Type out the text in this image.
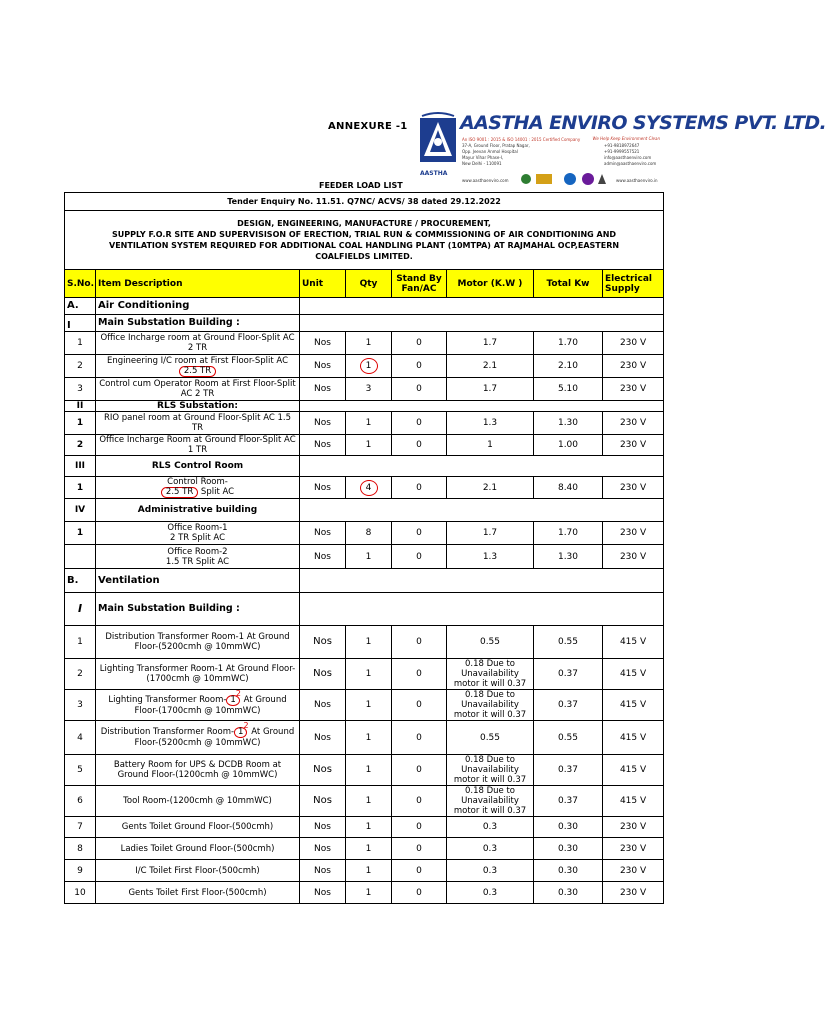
ANNEXURE -1
AASTHA
AASTHA ENVIRO SYSTEMS PVT. LTD.
An ISO 9001 : 2015 & ISO 14001 : 2015 Certified Company	We Help Keep Environment Clean
37-A, Ground Floor, Pratap Nagar,
Opp. Jeevan Anmol Hospital
Mayur Vihar Phase-I,
New Delhi - 110091
+91-9818972647
+91-9999557521
info@aasthaenviro.com
admin@aasthaenviro.com
www.aasthaenviro.com	www.aasthaenviro.in
FEEDER LOAD LIST
Tender Enquiry No. 11.51. Q7NC/ ACVS/ 38 dated 29.12.2022							

DESIGN, ENGINEERING, MANUFACTURE / PROCUREMENT,
SUPPLY F.O.R SITE AND SUPERVISISON OF ERECTION, TRIAL RUN & COMMISSIONING OF AIR CONDITIONING AND
VENTILATION SYSTEM REQUIRED FOR ADDITIONAL COAL HANDLING PLANT (10MTPA) AT RAJMAHAL OCP,EASTERN
COALFIELDS LIMITED.							

S.No.	Item Description	Unit	Qty	Stand By Fan/AC	Motor (K.W )	Total Kw	Electrical Supply
A.	Air Conditioning						
I	Main Substation Building :						
1	Office Incharge room at Ground Floor-Split AC 2 TR	Nos	1	0	1.7	1.70	230 V
2	Engineering I/C room at First Floor-Split AC
2.5 TR	Nos	1	0	2.1	2.10	230 V
3	Control cum Operator Room at First Floor-Split AC 2 TR	Nos	3	0	1.7	5.10	230 V
II	RLS Substation:						
1	RIO panel room at Ground Floor-Split AC 1.5 TR	Nos	1	0	1.3	1.30	230 V
2	Office Incharge Room at Ground Floor-Split AC 1 TR	Nos	1	0	1	1.00	230 V
III	RLS Control Room						
1	Control Room-
2.5 TR Split AC	Nos	4	0	2.1	8.40	230 V
IV	Administrative building						
1	Office Room-1
2 TR Split AC	Nos	8	0	1.7	1.70	230 V
	Office Room-2
1.5 TR Split AC	Nos	1	0	1.3	1.30	230 V
B.	Ventilation						
I	Main Substation Building :						
1	Distribution Transformer Room-1 At Ground Floor-(5200cmh @ 10mmWC)	Nos	1	0	0.55	0.55	415 V
2	Lighting Transformer Room-1 At Ground Floor-(1700cmh @ 10mmWC)	Nos	1	0	0.18 Due to Unavailability motor it will 0.37	0.37	415 V
3	Lighting Transformer Room- 12 At Ground Floor-(1700cmh @ 10mmWC)	Nos	1	0	0.18 Due to Unavailability motor it will 0.37	0.37	415 V
4	Distribution Transformer Room- 12 At Ground Floor-(5200cmh @ 10mmWC)	Nos	1	0	0.55	0.55	415 V
5	Battery Room for UPS & DCDB Room at Ground Floor-(1200cmh @ 10mmWC)	Nos	1	0	0.18 Due to Unavailability motor it will 0.37	0.37	415 V
6	Tool Room-(1200cmh @ 10mmWC)	Nos	1	0	0.18 Due to Unavailability motor it will 0.37	0.37	415 V
7	Gents Toilet Ground Floor-(500cmh)	Nos	1	0	0.3	0.30	230 V
8	Ladies Toilet Ground Floor-(500cmh)	Nos	1	0	0.3	0.30	230 V
9	I/C Toilet First Floor-(500cmh)	Nos	1	0	0.3	0.30	230 V
10	Gents Toilet First Floor-(500cmh)	Nos	1	0	0.3	0.30	230 V
